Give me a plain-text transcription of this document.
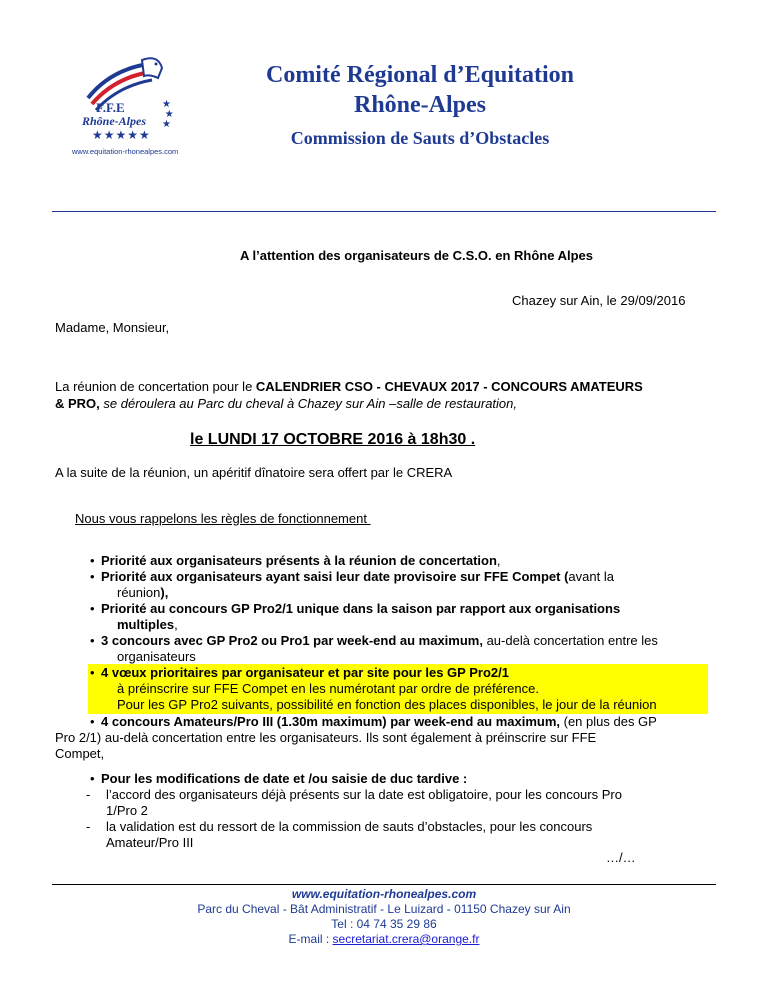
F.F.E
Rhône-Alpes
★★★★★
★
★
★
www.equitation-rhonealpes.com
Comité Régional d’Equitation
Rhône-Alpes
Commission de Sauts d’Obstacles
A l’attention des organisateurs de C.S.O. en Rhône Alpes
Chazey sur Ain, le 29/09/2016
Madame, Monsieur,
La réunion de concertation pour le CALENDRIER CSO - CHEVAUX 2017 - CONCOURS AMATEURS
& PRO, se déroulera au Parc du cheval à Chazey sur Ain –salle de restauration,
le LUNDI 17 OCTOBRE 2016 à 18h30 .
A la suite de la réunion, un apéritif dînatoire sera offert par le CRERA
Nous vous rappelons les règles de fonctionnement
• Priorité aux organisateurs présents à la réunion de concertation,
• Priorité aux organisateurs ayant saisi leur date provisoire sur FFE Compet (avant la
réunion),
• Priorité au concours GP Pro2/1 unique dans la saison par rapport aux organisations
multiples,
• 3 concours avec GP Pro2 ou Pro1 par week-end au maximum, au-delà concertation entre les
organisateurs
• 4 vœux prioritaires par organisateur et par site pour les GP Pro2/1
à préinscrire sur FFE Compet en les numérotant par ordre de préférence.
Pour les GP Pro2 suivants, possibilité en fonction des places disponibles, le jour de la réunion
• 4 concours Amateurs/Pro III (1.30m maximum) par week-end au maximum, (en plus des GP
Pro 2/1) au-delà concertation entre les organisateurs. Ils sont également à préinscrire sur FFE
Compet,
• Pour les modifications de date et /ou saisie de duc tardive :
- l’accord des organisateurs déjà présents sur la date est obligatoire, pour les concours Pro
1/Pro 2
- la validation est du ressort de la commission de sauts d’obstacles, pour les concours
Amateur/Pro III
…/…
www.equitation-rhonealpes.com
Parc du Cheval - Bât Administratif - Le Luizard - 01150 Chazey sur Ain
Tel : 04 74 35 29 86
E-mail : secretariat.crera@orange.fr
